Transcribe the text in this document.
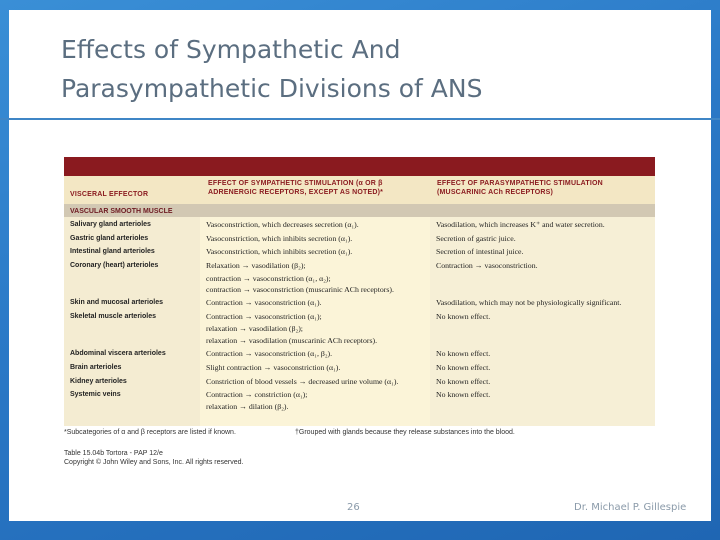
Effects of Sympathetic And
Parasympathetic Divisions of ANS
VISCERAL EFFECTOR
EFFECT OF SYMPATHETIC STIMULATION (α OR β
ADRENERGIC RECEPTORS, EXCEPT AS NOTED)*
EFFECT OF PARASYMPATHETIC STIMULATION
(MUSCARINIC ACh RECEPTORS)
VASCULAR SMOOTH MUSCLE
Salivary gland arterioles
Gastric gland arterioles
Intestinal gland arterioles
Coronary (heart) arterioles
Skin and mucosal arterioles
Skeletal muscle arterioles
Abdominal viscera arterioles
Brain arterioles
Kidney arterioles
Systemic veins
Vasoconstriction, which decreases secretion (α₁).
Vasoconstriction, which inhibits secretion (α₁).
Vasoconstriction, which inhibits secretion (α₁).
Relaxation → vasodilation (β₂);
contraction → vasoconstriction (α₁, α₂);
contraction → vasoconstriction (muscarinic ACh receptors).
Contraction → vasoconstriction (α₁).
Contraction → vasoconstriction (α₁);
relaxation → vasodilation (β₂);
relaxation → vasodilation (muscarinic ACh receptors).
Contraction → vasoconstriction (α₁, β₂).
Slight contraction → vasoconstriction (α₁).
Constriction of blood vessels → decreased urine volume (α₁).
Contraction → constriction (α₁);
relaxation → dilation (β₂).
Vasodilation, which increases K⁺ and water secretion.
Secretion of gastric juice.
Secretion of intestinal juice.
Contraction → vasoconstriction.
Vasodilation, which may not be physiologically significant.
No known effect.
No known effect.
No known effect.
No known effect.
No known effect.
*Subcategories of α and β receptors are listed if known.	†Grouped with glands because they release substances into the blood.
Table 15.04b Tortora - PAP 12/e
Copyright © John Wiley and Sons, Inc. All rights reserved.
26	Dr. Michael P. Gillespie
